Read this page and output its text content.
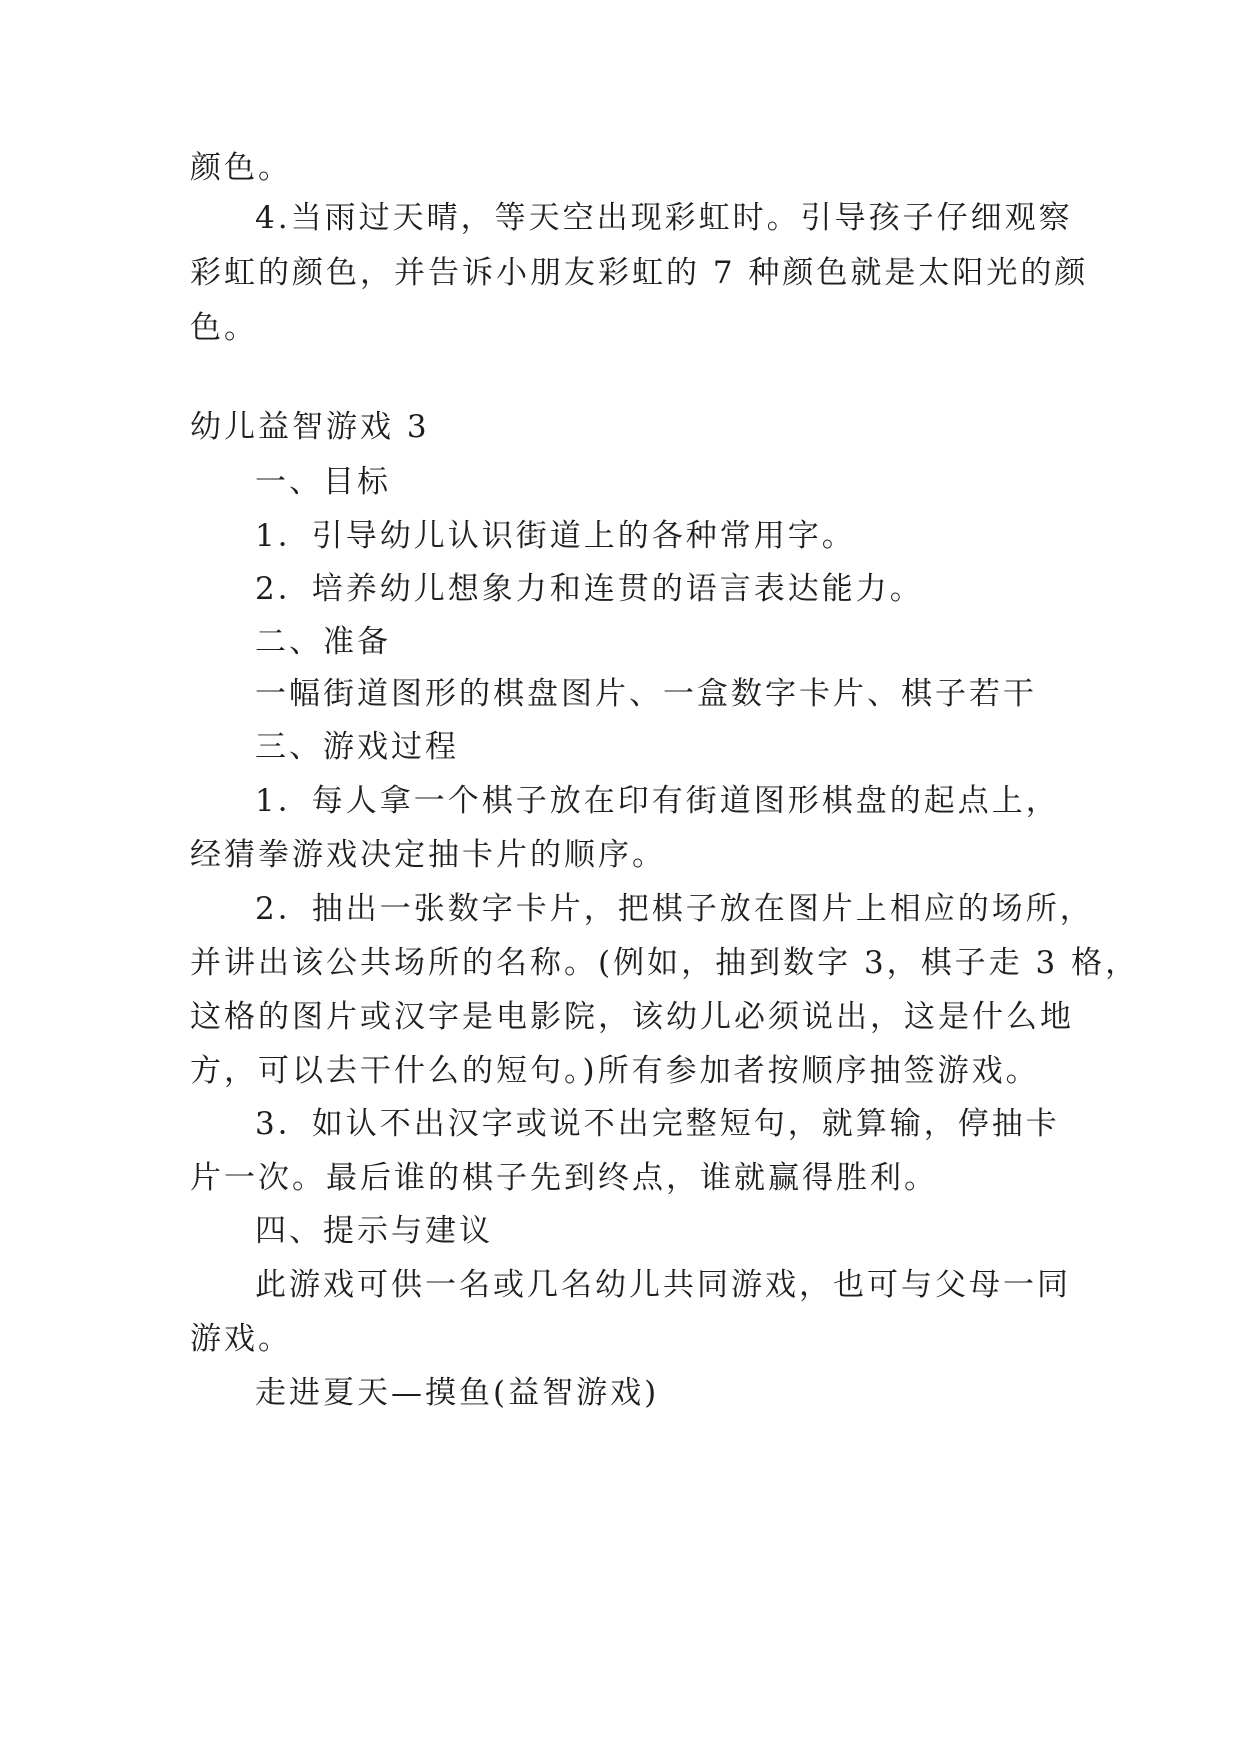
颜色。

4.当雨过天晴，等天空出现彩虹时。引导孩子仔细观察

彩虹的颜色，并告诉小朋友彩虹的 7 种颜色就是太阳光的颜

色。

幼儿益智游戏 3

一、目标

1．引导幼儿认识街道上的各种常用字。

2．培养幼儿想象力和连贯的语言表达能力。

二、准备

一幅街道图形的棋盘图片、一盒数字卡片、棋子若干

三、游戏过程

1．每人拿一个棋子放在印有街道图形棋盘的起点上，

经猜拳游戏决定抽卡片的顺序。

2．抽出一张数字卡片，把棋子放在图片上相应的场所，

并讲出该公共场所的名称。(例如，抽到数字 3，棋子走 3 格，

这格的图片或汉字是电影院，该幼儿必须说出，这是什么地

方，可以去干什么的短句。)所有参加者按顺序抽签游戏。

3．如认不出汉字或说不出完整短句，就算输，停抽卡

片一次。最后谁的棋子先到终点，谁就赢得胜利。

四、提示与建议

此游戏可供一名或几名幼儿共同游戏，也可与父母一同

游戏。

走进夏天—摸鱼(益智游戏)
